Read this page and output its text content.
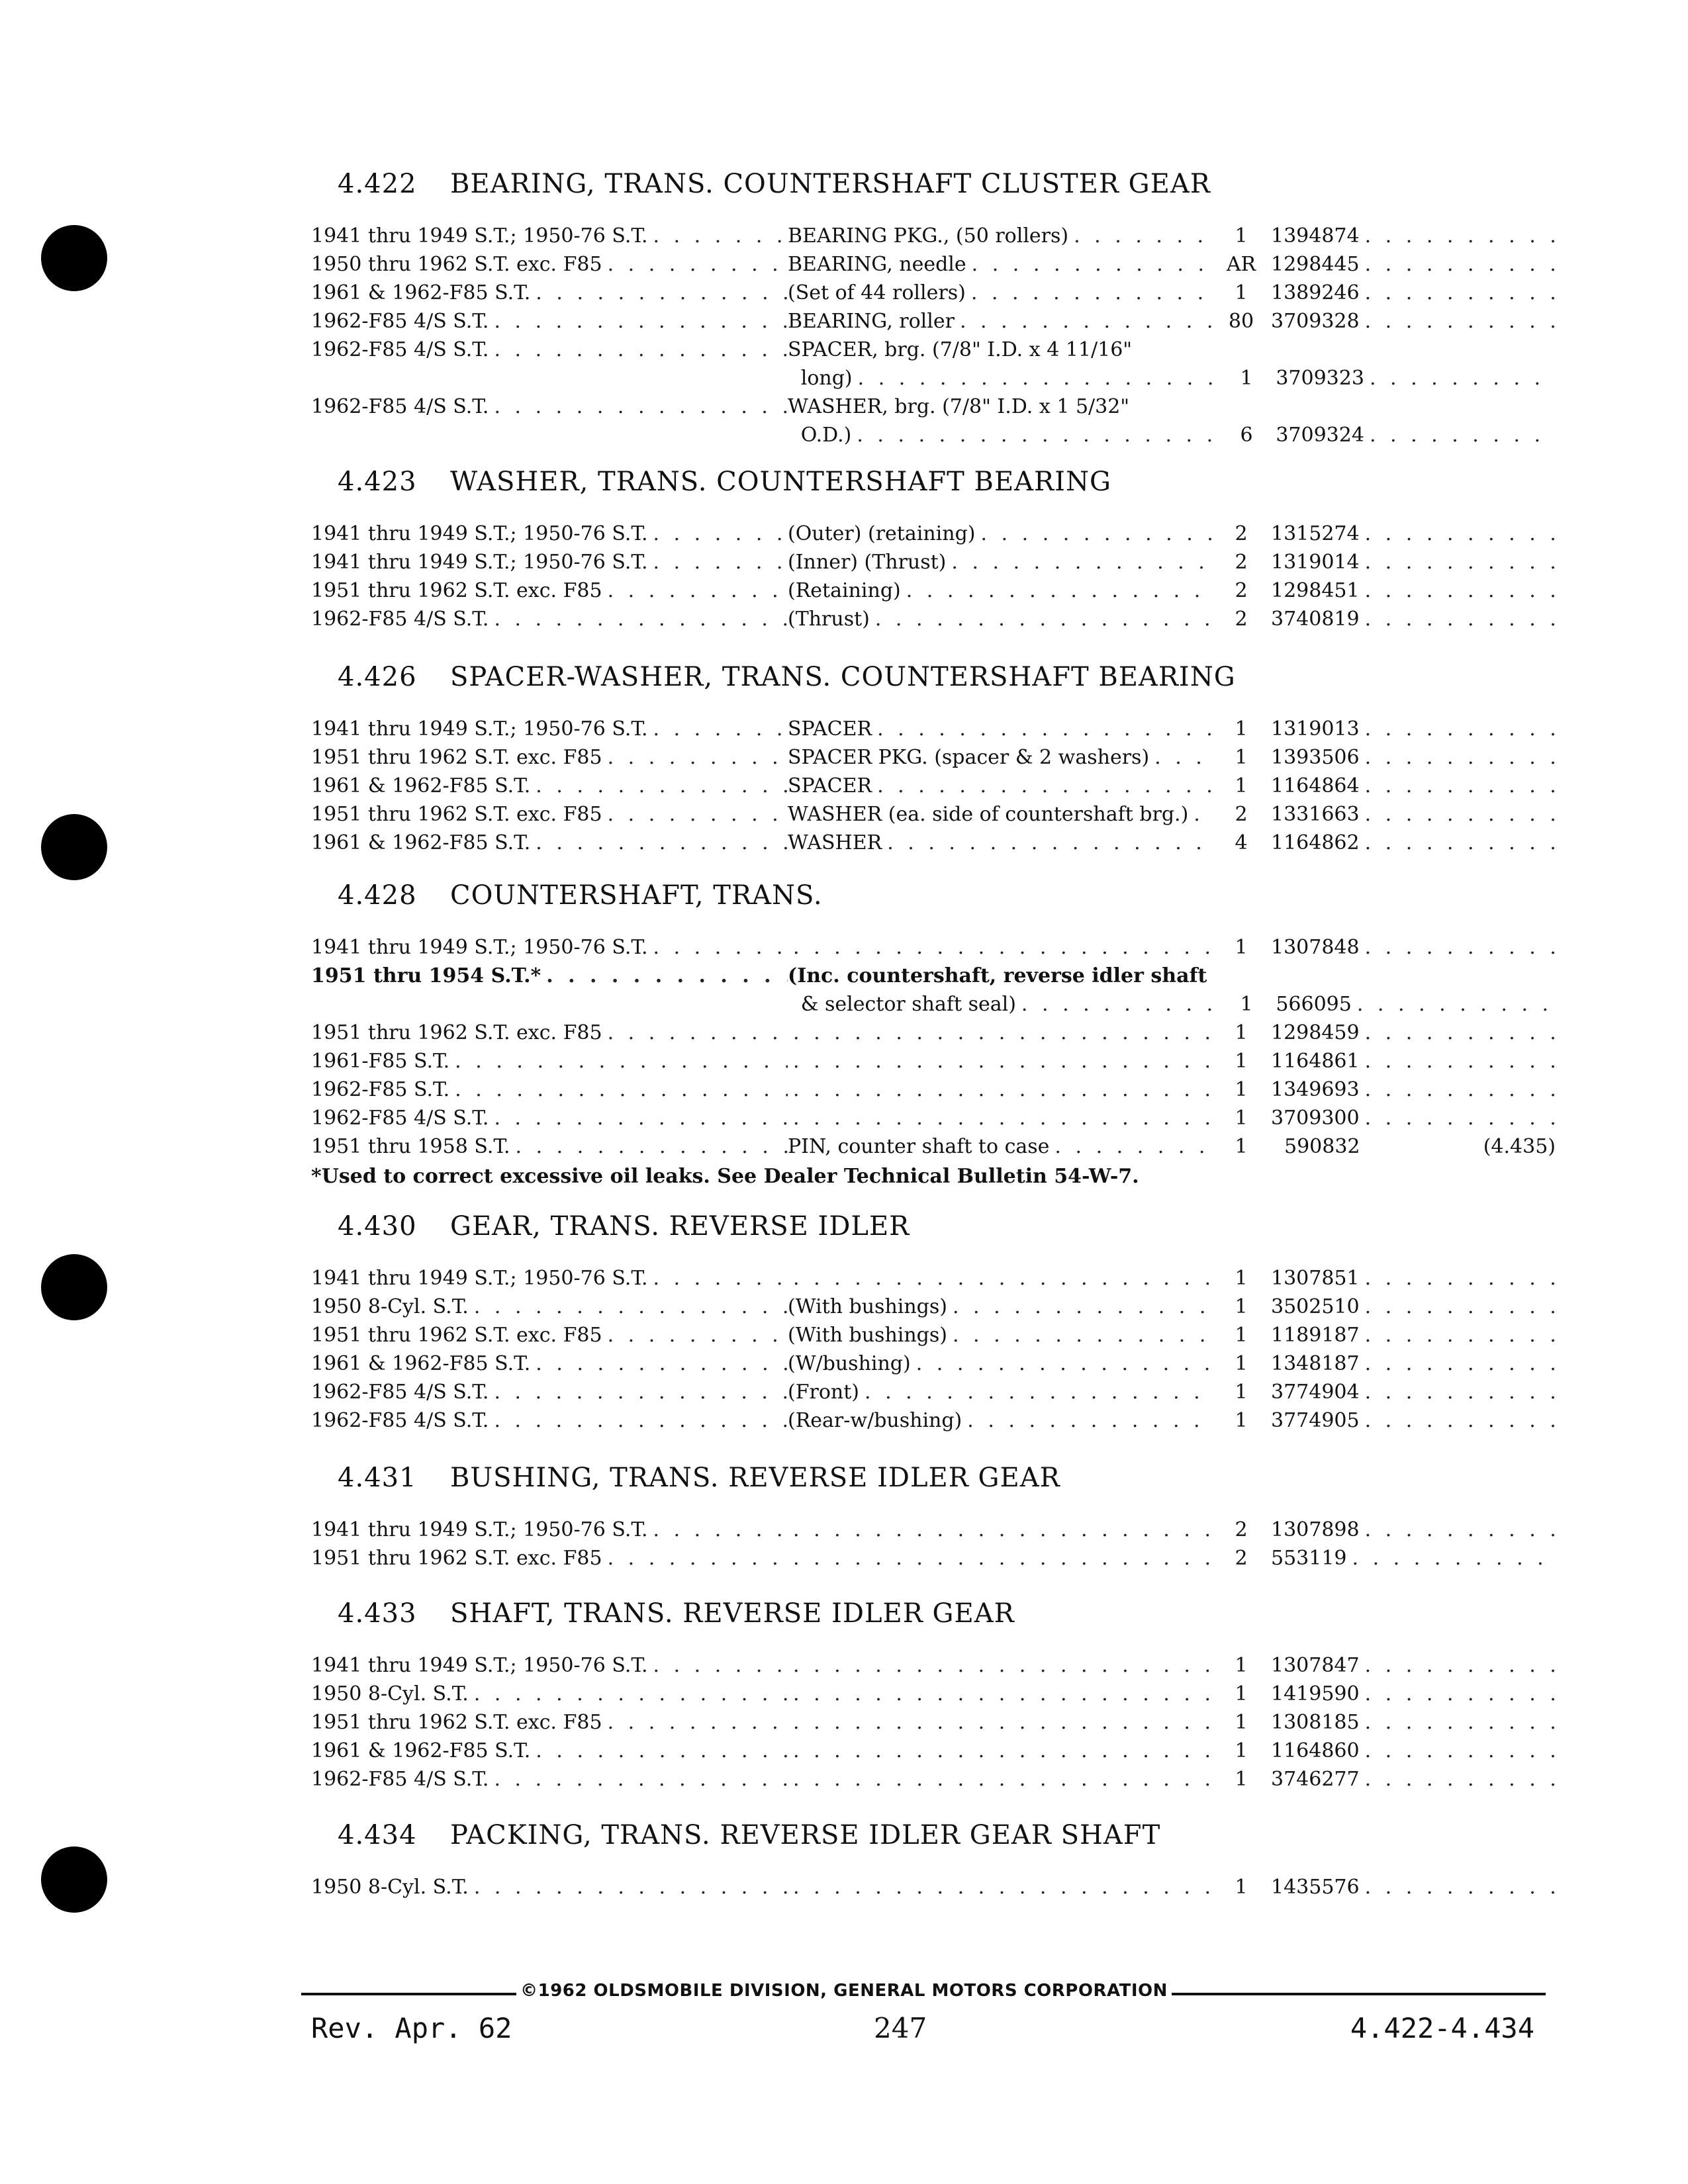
4.422 BEARING, TRANS. COUNTERSHAFT CLUSTER GEAR
1941 thru 1949 S.T.; 1950-76 S.T. . . .	BEARING PKG., (50 rollers) . . .	1	1394874
. . .
1950 thru 1962 S.T. exc. F85 . . .	BEARING, needle . . .	AR 1298445
. . .
1961 & 1962-F85 S.T. . . .	(Set of 44 rollers) . . .	1	1389246
. . .
1962-F85 4/S S.T. . . .	BEARING, roller . . .	80 3709328
. . .
1962-F85 4/S S.T. . . .	SPACER, brg. (7/8" I.D. x 4 11/16"
long) . . .	1	3709323
. . .
1962-F85 4/S S.T. . . .	WASHER, brg. (7/8" I.D. x 1 5/32"
O.D.) . . .	6	3709324
. . .
4.423 WASHER, TRANS. COUNTERSHAFT BEARING
1941 thru 1949 S.T.; 1950-76 S.T. . . .	(Outer) (retaining) . . .	2	1315274
. . .
1941 thru 1949 S.T.; 1950-76 S.T. . . .	(Inner) (Thrust) . . .	2	1319014
. . .
1951 thru 1962 S.T. exc. F85 . . .	(Retaining) . . .	2	1298451
. . .
1962-F85 4/S S.T. . . .	(Thrust) . . .	2	3740819
. . .
4.426 SPACER-WASHER, TRANS. COUNTERSHAFT BEARING
1941 thru 1949 S.T.; 1950-76 S.T. . . .	SPACER . . .	1	1319013
. . .
1951 thru 1962 S.T. exc. F85 . . .	SPACER PKG. (spacer & 2 washers) . . .	1	1393506
. . .
1961 & 1962-F85 S.T. . . .	SPACER . . .	1	1164864
. . .
1951 thru 1962 S.T. exc. F85 . . .	WASHER (ea. side of countershaft brg.) . . .	2	1331663
. . .
1961 & 1962-F85 S.T. . . .	WASHER . . .	4	1164862
. . .
4.428 COUNTERSHAFT, TRANS.
1941 thru 1949 S.T.; 1950-76 S.T. . . . . . .	1	1307848
. . .
1951 thru 1954 S.T.* . . .	(Inc. countershaft, reverse idler shaft
& selector shaft seal) . . .	1	566095
. . .
1951 thru 1962 S.T. exc. F85 . . . . . .	1	1298459
. . .
1961-F85 S.T. . . . . . .	1	1164861
. . .
1962-F85 S.T. . . . . . .	1	1349693
. . .
1962-F85 4/S S.T. . . . . . .	1	3709300
. . .
1951 thru 1958 S.T. . . .	PIN, counter shaft to case . . .	1	590832	(4.435)
*Used to correct excessive oil leaks. See Dealer Technical Bulletin 54-W-7.
4.430 GEAR, TRANS. REVERSE IDLER
1941 thru 1949 S.T.; 1950-76 S.T. . . . . . .	1	1307851
. . .
1950 8-Cyl. S.T. . . .	(With bushings) . . .	1	3502510
. . .
1951 thru 1962 S.T. exc. F85 . . .	(With bushings) . . .	1	1189187
. . .
1961 & 1962-F85 S.T. . . .	(W/bushing) . . .	1	1348187
. . .
1962-F85 4/S S.T. . . .	(Front) . . .	1	3774904
. . .
1962-F85 4/S S.T. . . .	(Rear-w/bushing) . . .	1	3774905
. . .
4.431 BUSHING, TRANS. REVERSE IDLER GEAR
1941 thru 1949 S.T.; 1950-76 S.T. . . . . . .	2	1307898
. . .
1951 thru 1962 S.T. exc. F85 . . . . . .	2	553119
. . .
4.433 SHAFT, TRANS. REVERSE IDLER GEAR
1941 thru 1949 S.T.; 1950-76 S.T. . . . . . .	1	1307847
. . .
1950 8-Cyl. S.T. . . . . . .	1	1419590
. . .
1951 thru 1962 S.T. exc. F85 . . . . . .	1	1308185
. . .
1961 & 1962-F85 S.T. . . . . . .	1	1164860
. . .
1962-F85 4/S S.T. . . . . . .	1	3746277
. . .
4.434 PACKING, TRANS. REVERSE IDLER GEAR SHAFT
1950 8-Cyl. S.T. . . . . . .	1	1435576
. . .
©1962 OLDSMOBILE DIVISION, GENERAL MOTORS CORPORATION
Rev. Apr. 62	247	4.422-4.434
